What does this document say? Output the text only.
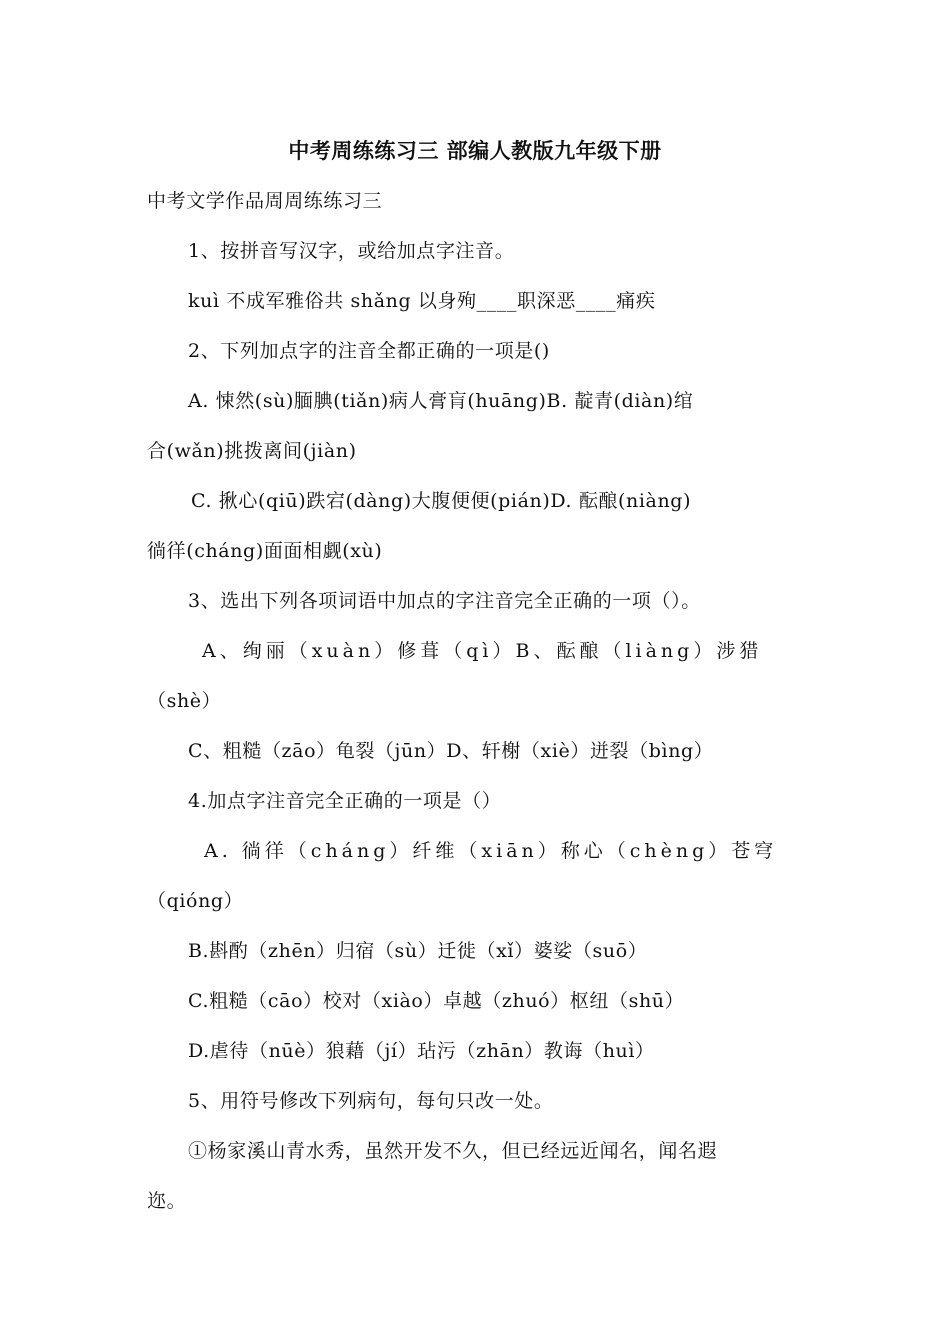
中考周练练习三 部编人教版九年级下册
中考文学作品周周练练习三
1、按拼音写汉字，或给加点字注音。
kuì 不成军雅俗共 shǎng 以身殉____职深恶____痛疾
2、下列加点字的注音全都正确的一项是()
A. 悚然(sù)腼腆(tiǎn)病人膏肓(huāng)B. 靛青(diàn)绾
合(wǎn)挑拨离间(jiàn)
C. 揪心(qiū)跌宕(dàng)大腹便便(pián)D. 酝酿(niàng)
徜徉(cháng)面面相觑(xù)
3、选出下列各项词语中加点的字注音完全正确的一项（）。
A、绚丽（xuàn）修葺（qì）B、酝酿（liàng）涉猎
（shè）
C、粗糙（zāo）龟裂（jūn）D、轩榭（xiè）迸裂（bìng）
4.加点字注音完全正确的一项是（）
A. 徜徉（cháng）纤维（xiān）称心（chèng）苍穹
（qióng）
B.斟酌（zhēn）归宿（sù）迁徙（xǐ）婆娑（suō）
C.粗糙（cāo）校对（xiào）卓越（zhuó）枢纽（shū）
D.虐待（nūè）狼藉（jí）玷污（zhān）教诲（huì）
5、用符号修改下列病句，每句只改一处。
①杨家溪山青水秀，虽然开发不久，但已经远近闻名，闻名遐
迩。
